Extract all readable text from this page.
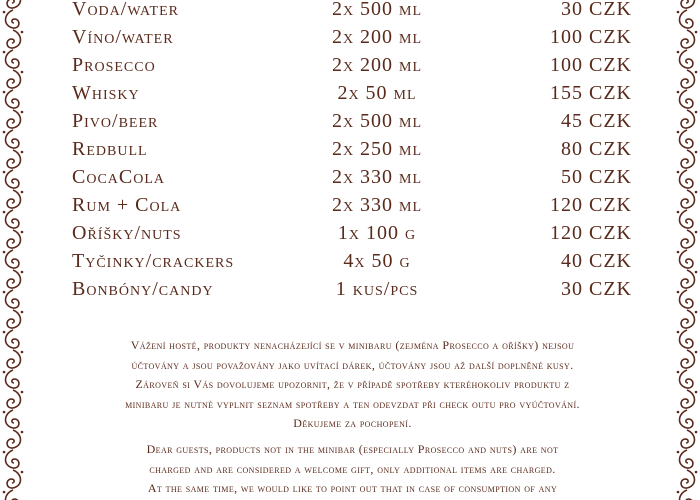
Voda/water	2x 500 ml	30 CZK
Víno/water	2x 200 ml	100 CZK
Prosecco	2x 200 ml	100 CZK
Whisky	2x 50 ml	155 CZK
Pivo/beer	2x 500 ml	45 CZK
Redbull	2x 250 ml	80 CZK
CocaCola	2x 330 ml	50 CZK
Rum + Cola	2x 330 ml	120 CZK
Oříšky/nuts	1x 100 g	120 CZK
Tyčinky/crackers	4x 50 g	40 CZK
Bonbóny/candy	1 kus/pcs	30 CZK
Vážení hosté, produkty nenacházející se v minibaru (zejména Prosecco a oříšky) nejsou
účtovány a jsou považovány jako uvítací dárek, účtovány jsou až další doplněné kusy.
Zároveň si Vás dovolujeme upozornit, že v případě spotřeby kteréhokoliv produktu z
minibaru je nutné vyplnit seznam spotřeby a ten odevzdat při check outu pro vyúčtování.
Děkujeme za pochopení.
Dear guests, products not in the minibar (especially Prosecco and nuts) are not
charged and are considered a welcome gift, only additional items are charged.
At the same time, we would like to point out that in case of consumption of any
